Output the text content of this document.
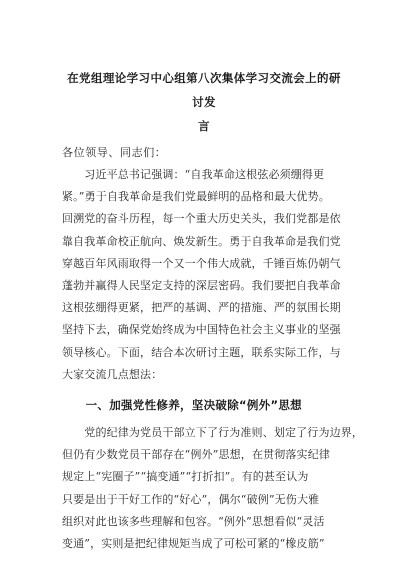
在党组理论学习中心组第八次集体学习交流会上的研讨发
言

各位领导、同志们：

　　习近平总书记强调：“自我革命这根弦必须绷得更
紧。”勇于自我革命是我们党最鲜明的品格和最大优势。
回溯党的奋斗历程，每一个重大历史关头，我们党都是依
靠自我革命校正航向、焕发新生。勇于自我革命是我们党
穿越百年风雨取得一个又一个伟大成就，千锤百炼仍朝气
蓬勃并赢得人民坚定支持的深层密码。我们要把自我革命
这根弦绷得更紧，把严的基调、严的措施、严的氛围长期
坚持下去，确保党始终成为中国特色社会主义事业的坚强
领导核心。下面，结合本次研讨主题，联系实际工作，与
大家交流几点想法：
　　一、加强党性修养，坚决破除“例外”思想
　　党的纪律为党员干部立下了行为准则、划定了行为边界，
但仍有少数党员干部存在“例外”思想，在贯彻落实纪律
规定上“宪圈子”“搞变通”“打折扣”。有的甚至认为
只要是出于干好工作的“好心”，偶尔“破例”无伤大雅
组织对此也该多些理解和包容。“例外”思想看似“灵活
变通”，实则是把纪律规矩当成了可松可紧的“橡皮筋”
